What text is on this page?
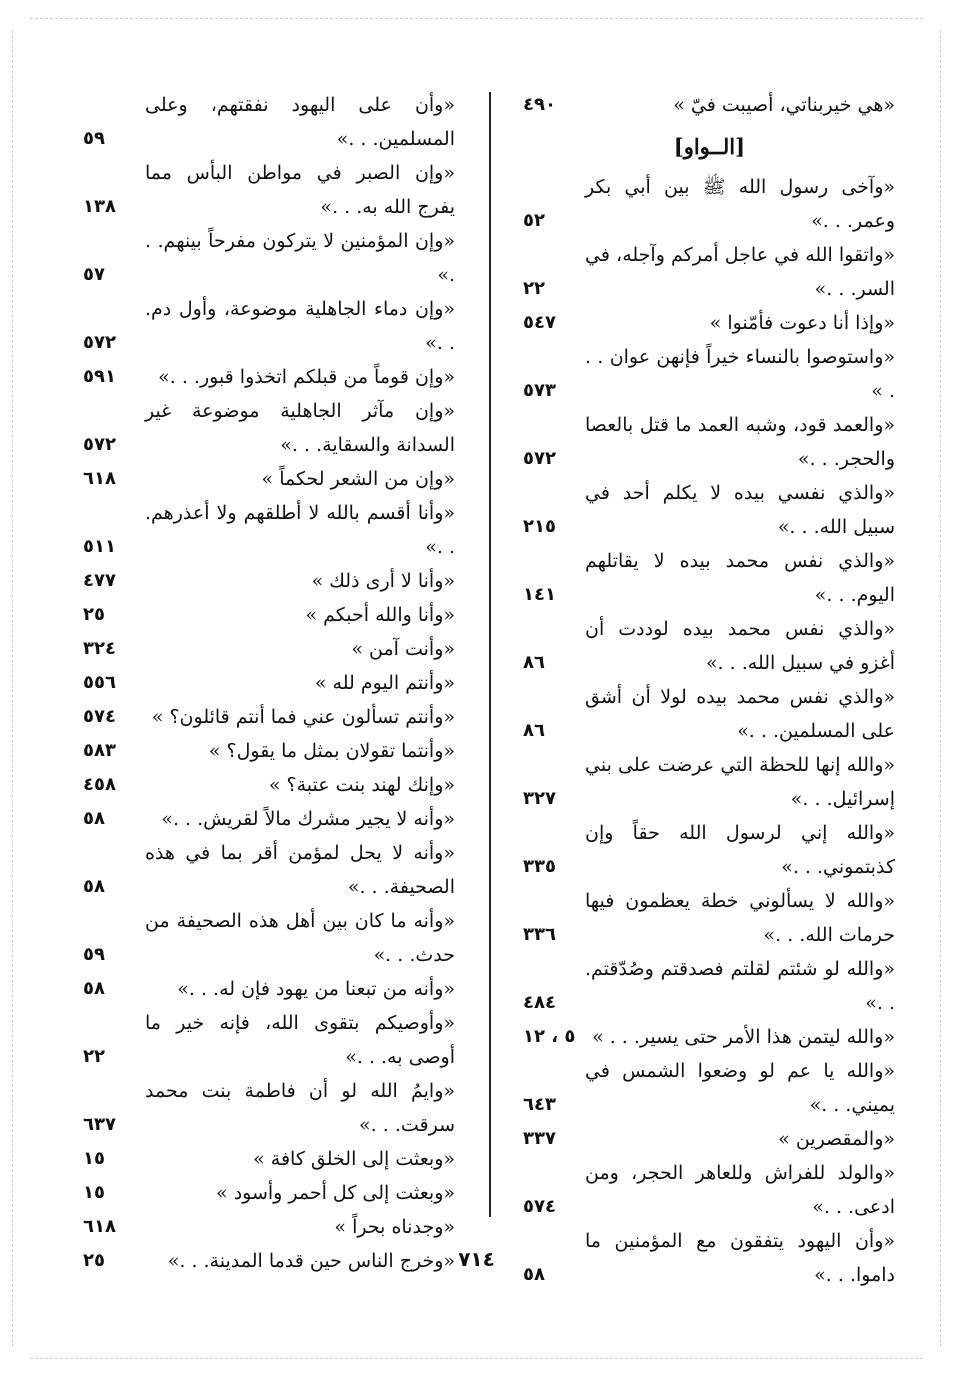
«هي خيربناتي، أصيبت فيّ »
٤٩٠
[الــواو]
«وآخى رسول الله ﷺ بين أبي بكر وعمر. . .»
٥٢
«واتقوا الله في عاجل أمركم وآجله، في السر. . .»
٢٢
«وإذا أنا دعوت فأمّنوا »
٥٤٧
«واستوصوا بالنساء خيراً فإنهن عوان . . . »
٥٧٣
«والعمد قود، وشبه العمد ما قتل بالعصا والحجر. . .»
٥٧٢
«والذي نفسي بيده لا يكلم أحد في سبيل الله. . .»
٢١٥
«والذي نفس محمد بيده لا يقاتلهم اليوم. . .»
١٤١
«والذي نفس محمد بيده لوددت أن أغزو في سبيل الله. . .»
٨٦
«والذي نفس محمد بيده لولا أن أشق على المسلمين. . .»
٨٦
«والله إنها للحظة التي عرضت على بني إسرائيل. . .»
٣٢٧
«والله إني لرسول الله حقاً وإن كذبتموني. . .»
٣٣٥
«والله لا يسألوني خطة يعظمون فيها حرمات الله. . .»
٣٣٦
«والله لو شئتم لقلتم فصدقتم وصُدّقتم. . .»
٤٨٤
«والله ليتمن هذا الأمر حتى يسير. . . »
٥ ، ١٢
«والله يا عم لو وضعوا الشمس في يميني. . .»
٦٤٣
«والمقصرين »
٣٣٧
«والولد للفراش وللعاهر الحجر، ومن ادعى. . .»
٥٧٤
«وأن اليهود يتفقون مع المؤمنين ما داموا. . .»
٥٨
«وأن على اليهود نفقتهم، وعلى المسلمين. . .»
٥٩
«وإن الصبر في مواطن البأس مما يفرج الله به. . .»
١٣٨
«وإن المؤمنين لا يتركون مفرحاً بينهم. . .»
٥٧
«وإن دماء الجاهلية موضوعة، وأول دم. . .»
٥٧٢
«وإن قوماً من قبلكم اتخذوا قبور. . .»
٥٩١
«وإن مآثر الجاهلية موضوعة غير السدانة والسقاية. . .»
٥٧٢
«وإن من الشعر لحكماً »
٦١٨
«وأنا أقسم بالله لا أطلقهم ولا أعذرهم. . .»
٥١١
«وأنا لا أرى ذلك »
٤٧٧
«وأنا والله أحبكم »
٢٥
«وأنت آمن »
٣٢٤
«وأنتم اليوم لله »
٥٥٦
«وأنتم تسألون عني فما أنتم قائلون؟ »
٥٧٤
«وأنتما تقولان بمثل ما يقول؟ »
٥٨٣
«وإنك لهند بنت عتبة؟ »
٤٥٨
«وأنه لا يجير مشرك مالاً لقريش. . .»
٥٨
«وأنه لا يحل لمؤمن أقر بما في هذه الصحيفة. . .»
٥٨
«وأنه ما كان بين أهل هذه الصحيفة من حدث. . .»
٥٩
«وأنه من تبعنا من يهود فإن له. . .»
٥٨
«وأوصيكم بتقوى الله، فإنه خير ما أوصى به. . .»
٢٢
«وايمُ الله لو أن فاطمة بنت محمد سرقت. . .»
٦٣٧
«وبعثت إلى الخلق كافة »
١٥
«وبعثت إلى كل أحمر وأسود »
١٥
«وجدناه بحراً »
٦١٨
«وخرج الناس حين قدما المدينة. . .»
٢٥	٧١٤
